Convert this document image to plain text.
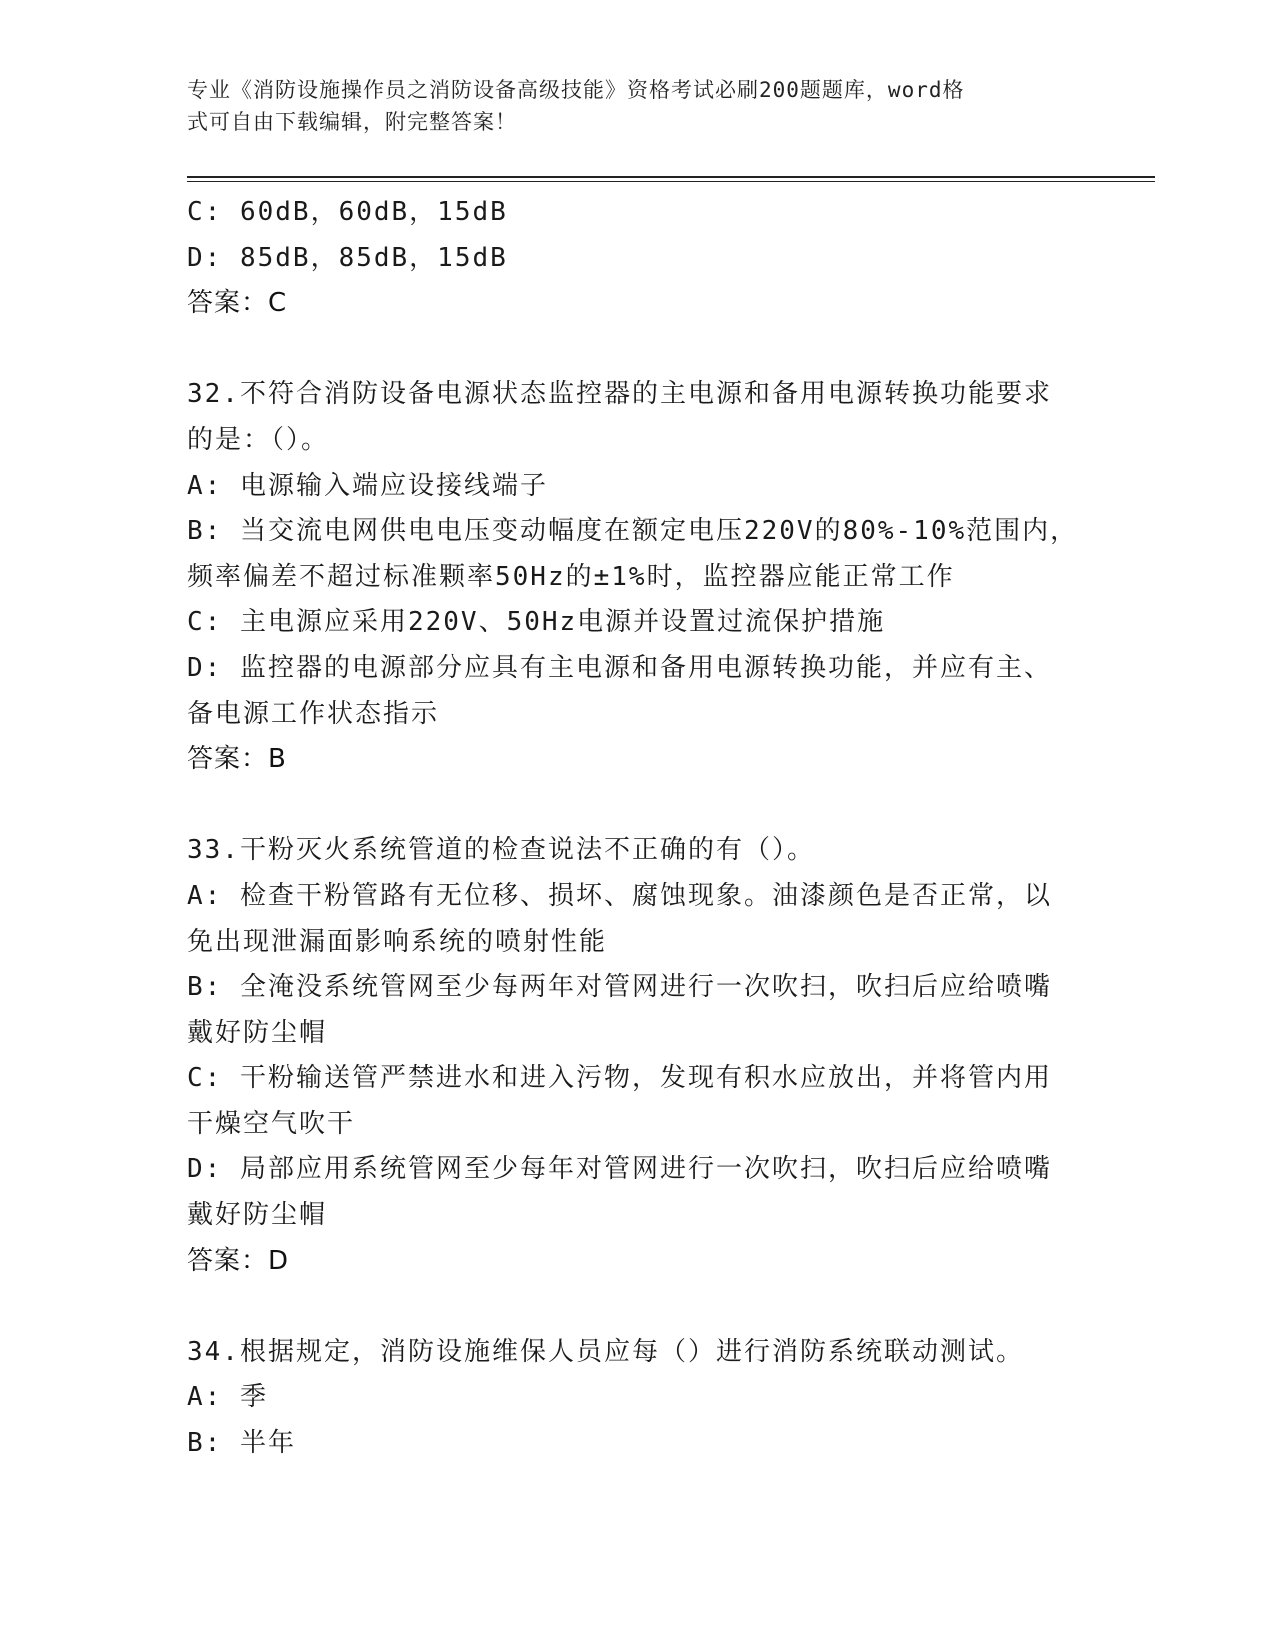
专业《消防设施操作员之消防设备高级技能》资格考试必刷200题题库，word格
式可自由下载编辑，附完整答案！
C: 60dB，60dB，15dB
D: 85dB，85dB，15dB
答案：C
32.不符合消防设备电源状态监控器的主电源和备用电源转换功能要求
的是：（）。
A: 电源输入端应设接线端子
B: 当交流电网供电电压变动幅度在额定电压220V的80%-10%范围内，
频率偏差不超过标准颗率50Hz的±1%时，监控器应能正常工作
C: 主电源应采用220V、50Hz电源并设置过流保护措施
D: 监控器的电源部分应具有主电源和备用电源转换功能，并应有主、
备电源工作状态指示
答案：B
33.干粉灭火系统管道的检查说法不正确的有（）。
A: 检查干粉管路有无位移、损坏、腐蚀现象。油漆颜色是否正常，以
免出现泄漏面影响系统的喷射性能
B: 全淹没系统管网至少每两年对管网进行一次吹扫，吹扫后应给喷嘴
戴好防尘帽
C: 干粉输送管严禁进水和进入污物，发现有积水应放出，并将管内用
干燥空气吹干
D: 局部应用系统管网至少每年对管网进行一次吹扫，吹扫后应给喷嘴
戴好防尘帽
答案：D
34.根据规定，消防设施维保人员应每（）进行消防系统联动测试。
A: 季
B: 半年
